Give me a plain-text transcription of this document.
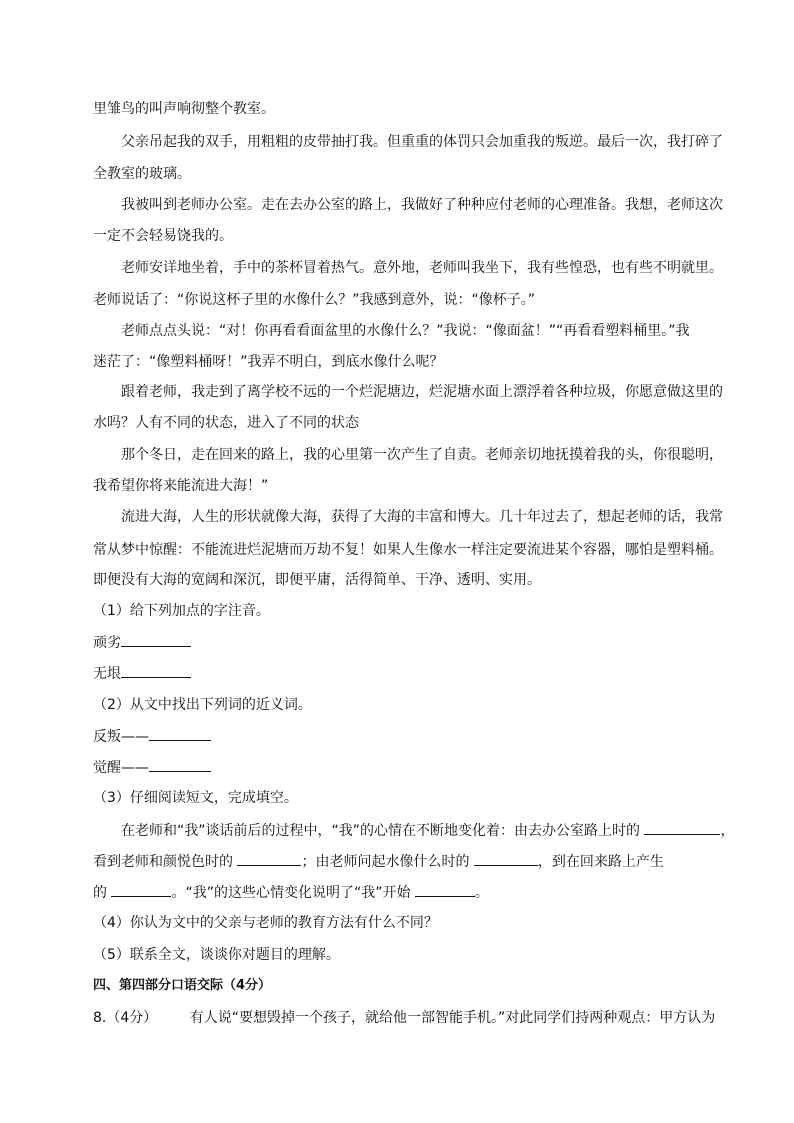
里雏鸟的叫声响彻整个教室。
父亲吊起我的双手，用粗粗的皮带抽打我。但重重的体罚只会加重我的叛逆。最后一次，我打碎了
全教室的玻璃。
我被叫到老师办公室。走在去办公室的路上，我做好了种种应付老师的心理准备。我想，老师这次
一定不会轻易饶我的。
老师安详地坐着，手中的茶杯冒着热气。意外地，老师叫我坐下，我有些惶恐，也有些不明就里。
老师说话了：“你说这杯子里的水像什么？”我感到意外，说：“像杯子。”
老师点点头说：“对！你再看看面盆里的水像什么？”我说：“像面盆！”“再看看塑料桶里。”我
迷茫了：“像塑料桶呀！”我弄不明白，到底水像什么呢？
跟着老师，我走到了离学校不远的一个烂泥塘边，烂泥塘水面上漂浮着各种垃圾，你愿意做这里的
水吗？人有不同的状态，进入了不同的状态
那个冬日，走在回来的路上，我的心里第一次产生了自责。老师亲切地抚摸着我的头，你很聪明，
我希望你将来能流进大海！”
流进大海，人生的形状就像大海，获得了大海的丰富和博大。几十年过去了，想起老师的话，我常
常从梦中惊醒：不能流进烂泥塘而万劫不复！如果人生像水一样注定要流进某个容器，哪怕是塑料桶。
即便没有大海的宽阔和深沉，即便平庸，活得简单、干净、透明、实用。
（1）给下列加点的字注音。
顽劣
无垠
（2）从文中找出下列词的近义词。
反叛——
觉醒——
（3）仔细阅读短文，完成填空。
在老师和“我”谈话前后的过程中，“我”的心情在不断地变化着：由去办公室路上时的	，
看到老师和颜悦色时的	；由老师问起水像什么时的	，到在回来路上产生
的	。“我”的这些心情变化说明了“我”开始	。
（4）你认为文中的父亲与老师的教育方法有什么不同？
（5）联系全文，谈谈你对题目的理解。
四、第四部分口语交际（4分）
8.（4分） 有人说“要想毁掉一个孩子，就给他一部智能手机。”对此同学们持两种观点：甲方认为
